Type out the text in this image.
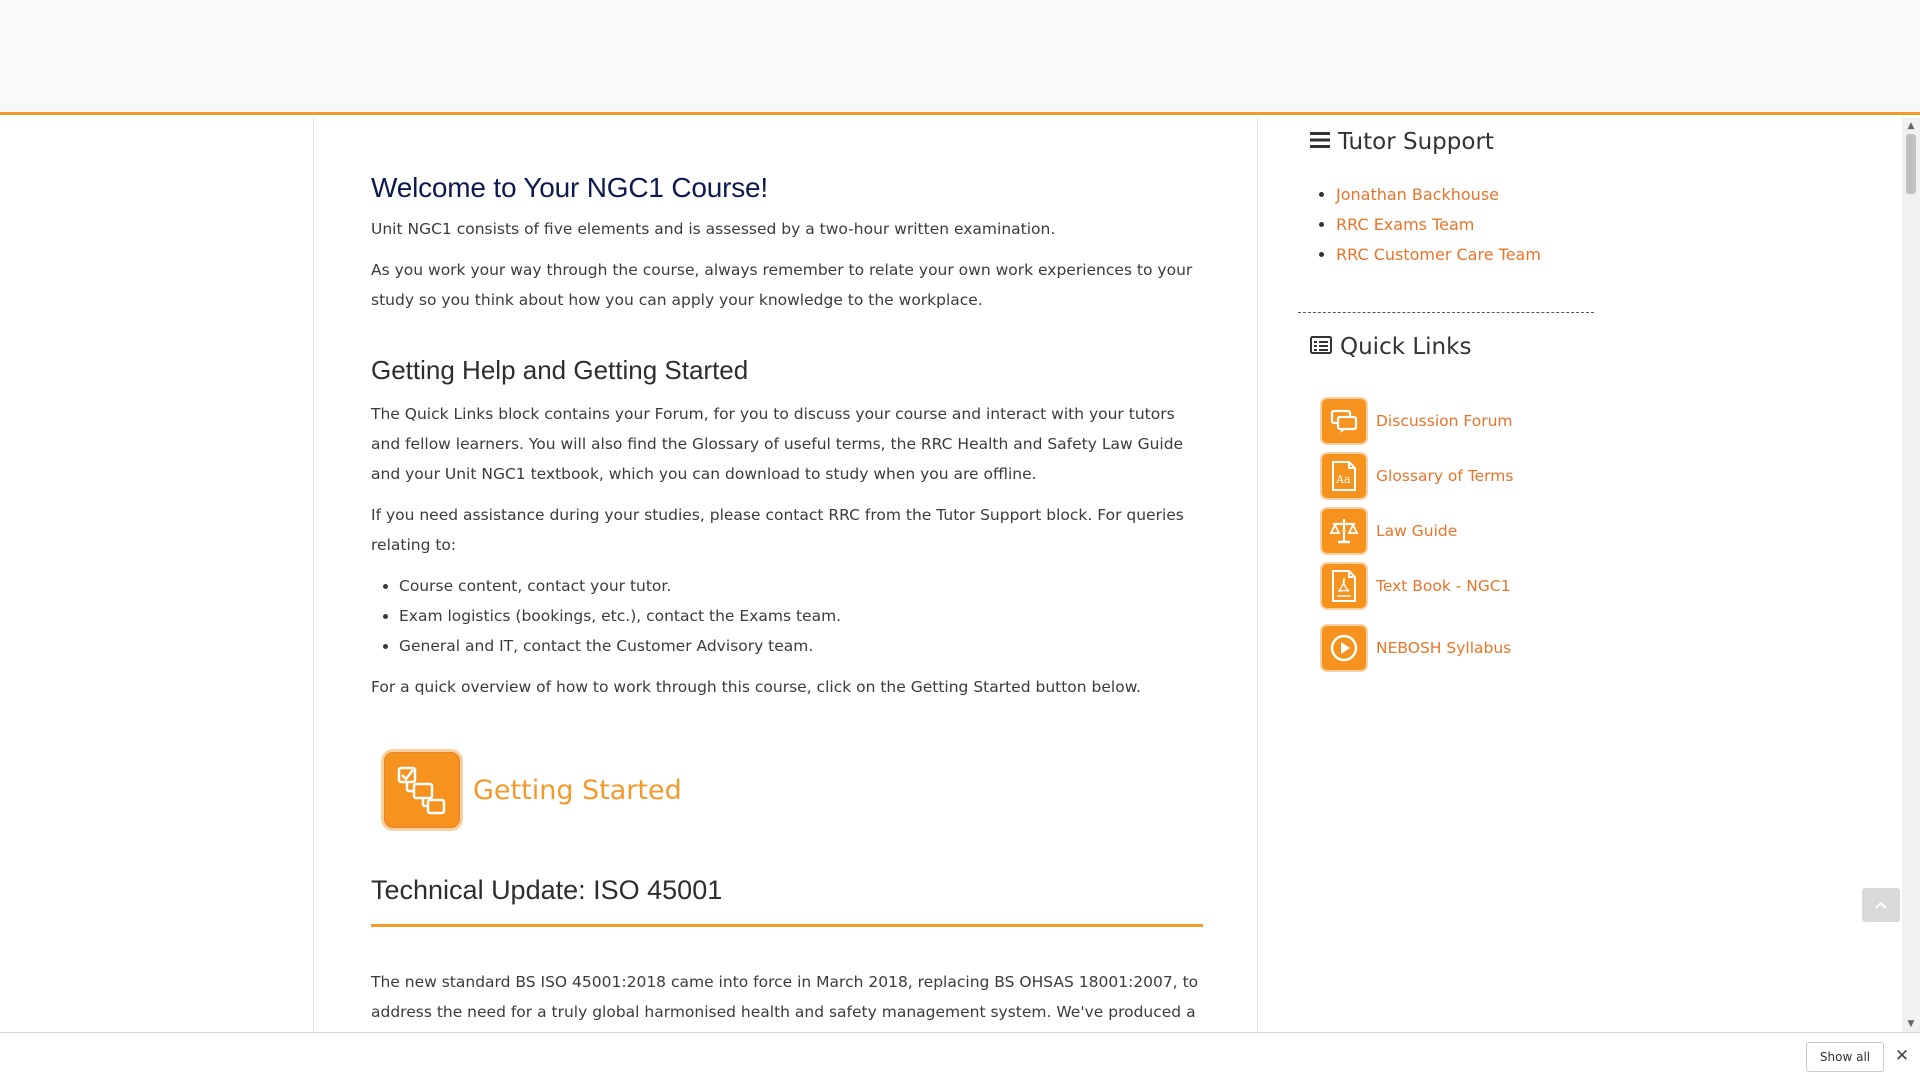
Welcome to Your NGC1 Course!

Unit NGC1 consists of five elements and is assessed by a two-hour written examination.

As you work your way through the course, always remember to relate your own work experiences to your study so you think about how you can apply your knowledge to the workplace.

Getting Help and Getting Started

The Quick Links block contains your Forum, for you to discuss your course and interact with your tutors and fellow learners. You will also find the Glossary of useful terms, the RRC Health and Safety Law Guide and your Unit NGC1 textbook, which you can download to study when you are offline.

If you need assistance during your studies, please contact RRC from the Tutor Support block. For queries relating to:

• Course content, contact your tutor.
• Exam logistics (bookings, etc.), contact the Exams team.
• General and IT, contact the Customer Advisory team.

For a quick overview of how to work through this course, click on the Getting Started button below.

Getting Started
Technical Update: ISO 45001

The new standard BS ISO 45001:2018 came into force in March 2018, replacing BS OHSAS 18001:2007, to address the need for a truly global harmonised health and safety management system. We've produced a

Tutor Support
• Jonathan Backhouse
• RRC Exams Team
• RRC Customer Care Team
Quick Links
Discussion Forum
Aa Glossary of Terms
Law Guide
Text Book - NGC1
NEBOSH Syllabus
▲
▼
Show all	✕
